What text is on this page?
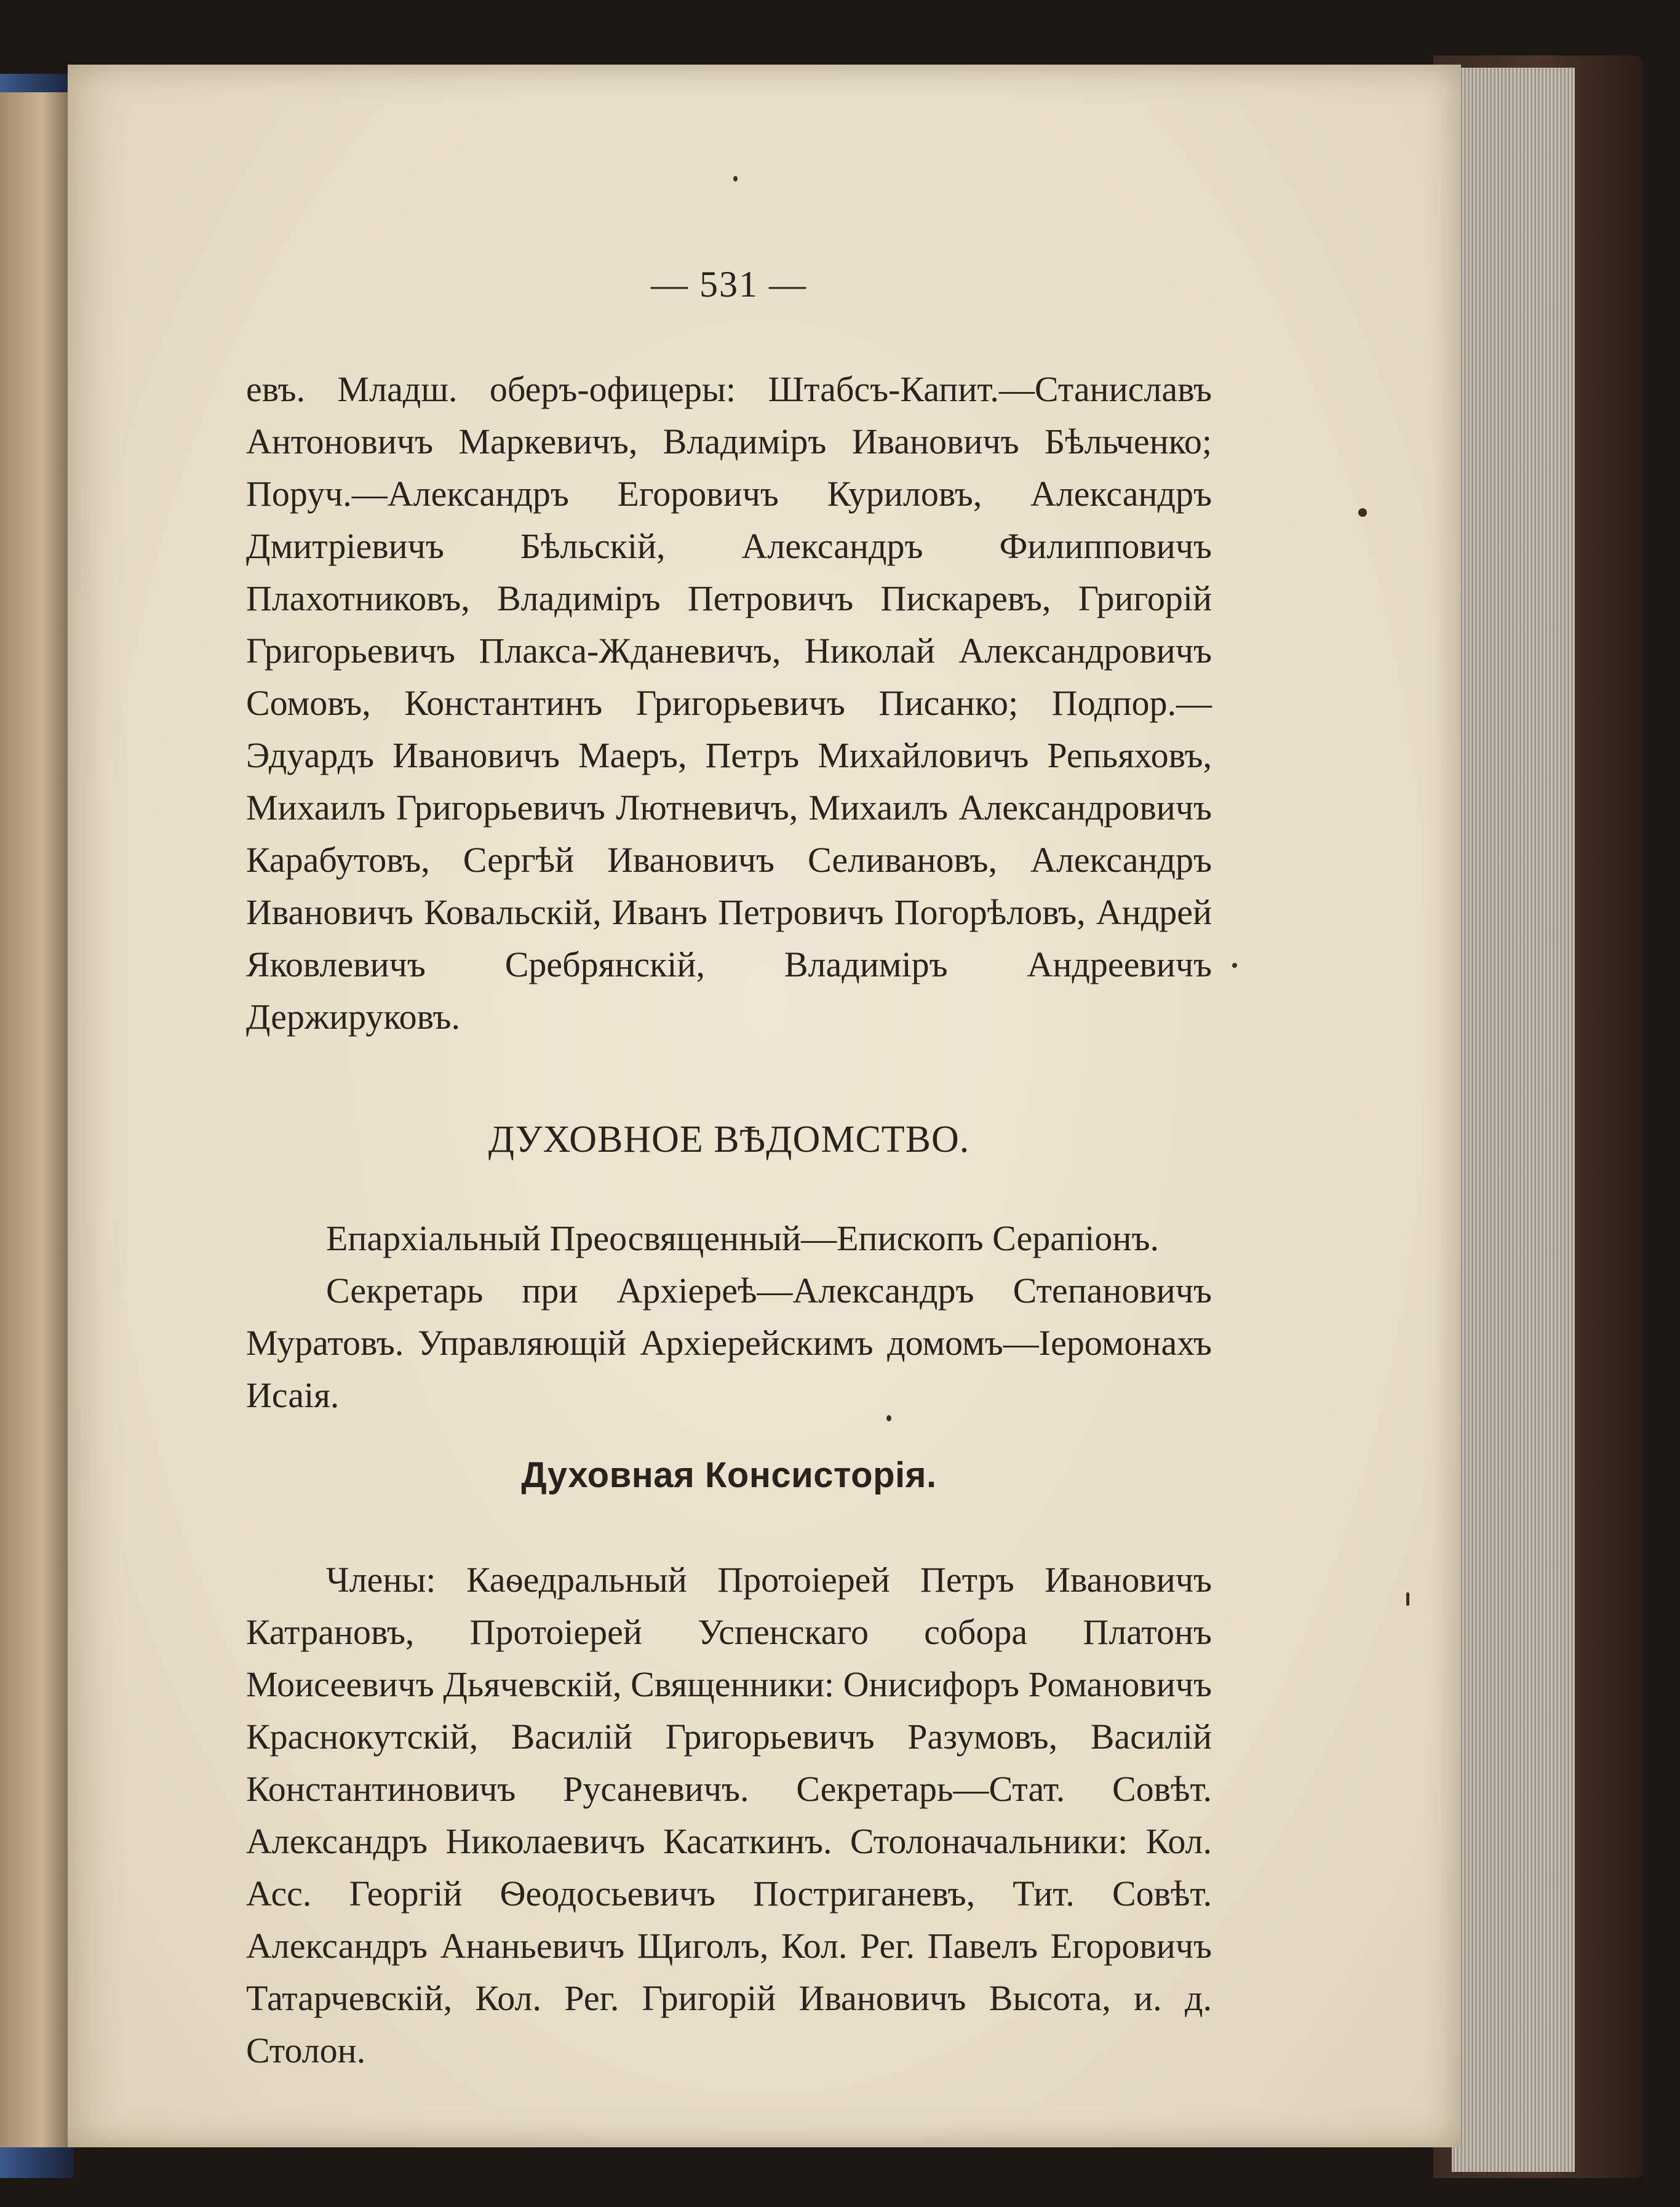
— 531 —

евъ. Младш. оберъ-офицеры: Штабсъ-Капит.—Станиславъ Антоновичъ Маркевичъ, Владиміръ Ивановичъ Бѣльченко; Поруч.—Александръ Егоровичъ Куриловъ, Александръ Дмитріевичъ Бѣльскій, Александръ Филипповичъ Плахотниковъ, Владиміръ Петровичъ Пискаревъ, Григорій Григорьевичъ Плакса-Жданевичъ, Николай Александровичъ Сомовъ, Константинъ Григорьевичъ Писанко; Подпор.—Эдуардъ Ивановичъ Маеръ, Петръ Михайловичъ Репьяховъ, Михаилъ Григорьевичъ Лютневичъ, Михаилъ Александровичъ Карабутовъ, Сергѣй Ивановичъ Селивановъ, Александръ Ивановичъ Ковальскій, Иванъ Петровичъ Погорѣловъ, Андрей Яковлевичъ Сребрянскій, Владиміръ Андреевичъ Держируковъ.

ДУХОВНОЕ ВѢДОМСТВО.

Епархіальный Преосвященный—Епископъ Серапіонъ.

Секретарь при Архіереѣ—Александръ Степановичъ Муратовъ. Управляющій Архіерейскимъ домомъ—Іеромонахъ Исаія.

Духовная Консисторія.

Члены: Каѳедральный Протоіерей Петръ Ивановичъ Катрановъ, Протоіерей Успенскаго собора Платонъ Моисеевичъ Дьячевскій, Священники: Онисифоръ Романовичъ Краснокутскій, Василій Григорьевичъ Разумовъ, Василій Константиновичъ Русаневичъ. Секретарь—Стат. Совѣт. Александръ Николаевичъ Касаткинъ. Столоначальники: Кол. Асс. Георгій Ѳеодосьевичъ Постриганевъ, Тит. Совѣт. Александръ Ананьевичъ Щиголъ, Кол. Рег. Павелъ Егоровичъ Татарчевскій, Кол. Рег. Григорій Ивановичъ Высота, и. д. Столон.
